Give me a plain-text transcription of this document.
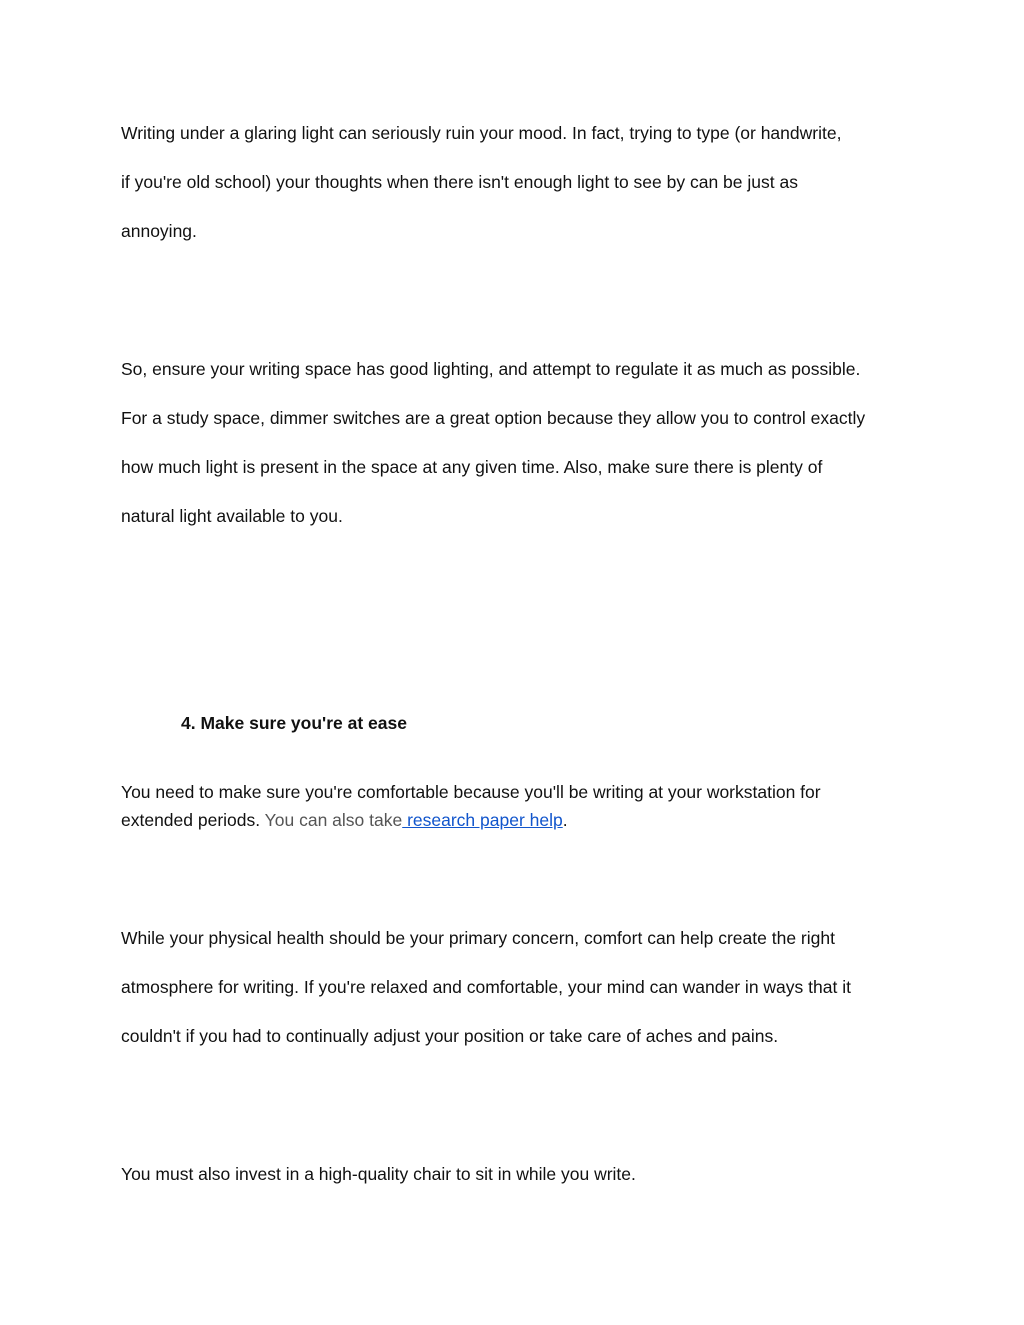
Writing under a glaring light can seriously ruin your mood. In fact, trying to type (or handwrite,

if you're old school) your thoughts when there isn't enough light to see by can be just as

annoying.

So, ensure your writing space has good lighting, and attempt to regulate it as much as possible.

For a study space, dimmer switches are a great option because they allow you to control exactly

how much light is present in the space at any given time. Also, make sure there is plenty of

natural light available to you.

4. Make sure you're at ease

You need to make sure you're comfortable because you'll be writing at your workstation for

extended periods. You can also take research paper help.

While your physical health should be your primary concern, comfort can help create the right

atmosphere for writing. If you're relaxed and comfortable, your mind can wander in ways that it

couldn't if you had to continually adjust your position or take care of aches and pains.

You must also invest in a high-quality chair to sit in while you write.
